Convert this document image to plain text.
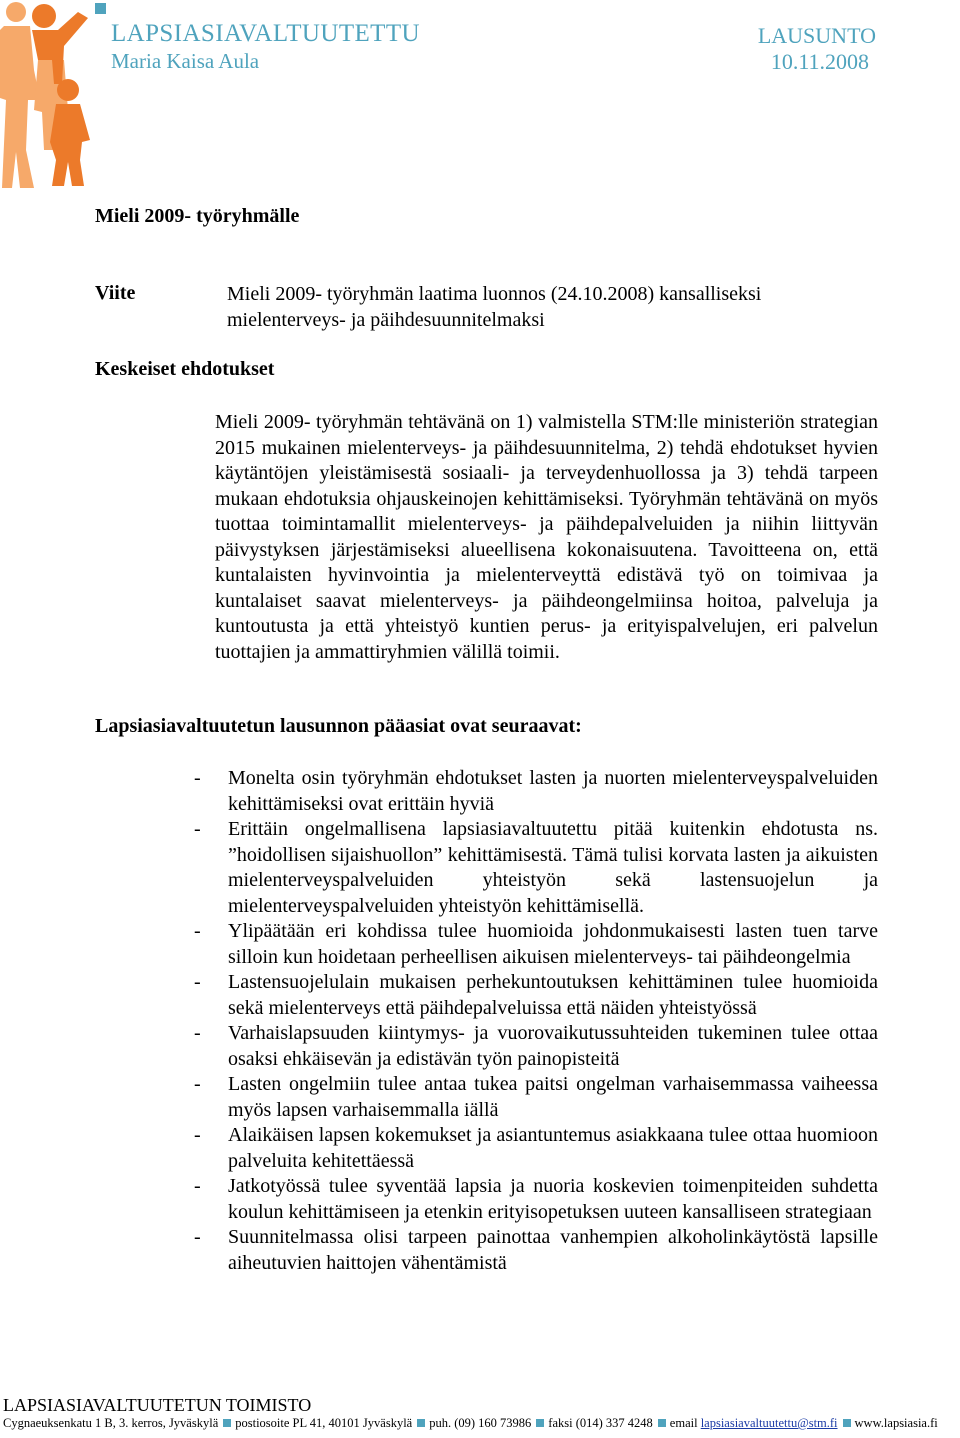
LAPSIASIAVALTUUTETTU
Maria Kaisa Aula
LAUSUNTO
10.11.2008
Mieli 2009- työryhmälle
Viite	Mieli 2009- työryhmän laatima luonnos (24.10.2008) kansalliseksi mielenterveys- ja päihdesuunnitelmaksi
Keskeiset ehdotukset
Mieli 2009- työryhmän tehtävänä on 1) valmistella STM:lle ministeriön strategian 2015 mukainen mielenterveys- ja päihdesuunnitelma, 2) tehdä ehdotukset hyvien käytäntöjen yleistämisestä sosiaali- ja terveydenhuollossa ja 3) tehdä tarpeen mukaan ehdotuksia ohjauskeinojen kehittämiseksi. Työryhmän tehtävänä on myös tuottaa toimintamallit mielenterveys- ja päihdepalveluiden ja niihin liittyvän päivystyksen järjestämiseksi alueellisena kokonaisuutena. Tavoitteena on, että kuntalaisten hyvinvointia ja mielenterveyttä edistävä työ on toimivaa ja kuntalaiset saavat mielenterveys- ja päihdeongelmiinsa hoitoa, palveluja ja kuntoutusta ja että yhteistyö kuntien perus- ja erityispalvelujen, eri palvelun tuottajien ja ammattiryhmien välillä toimii.
Lapsiasiavaltuutetun lausunnon pääasiat ovat seuraavat:
- Monelta osin työryhmän ehdotukset lasten ja nuorten mielenterveyspalveluiden kehittämiseksi ovat erittäin hyviä
- Erittäin ongelmallisena lapsiasiavaltuutettu pitää kuitenkin ehdotusta ns. ”hoidollisen sijaishuollon” kehittämisestä. Tämä tulisi korvata lasten ja aikuisten mielenterveyspalveluiden yhteistyön sekä lastensuojelun ja mielenterveyspalveluiden yhteistyön kehittämisellä.
- Ylipäätään eri kohdissa tulee huomioida johdonmukaisesti lasten tuen tarve silloin kun hoidetaan perheellisen aikuisen mielenterveys- tai päihdeongelmia
- Lastensuojelulain mukaisen perhekuntoutuksen kehittäminen tulee huomioida sekä mielenterveys että päihdepalveluissa että näiden yhteistyössä
- Varhaislapsuuden kiintymys- ja vuorovaikutussuhteiden tukeminen tulee ottaa osaksi ehkäisevän ja edistävän työn painopisteitä
- Lasten ongelmiin tulee antaa tukea paitsi ongelman varhaisemmassa vaiheessa myös lapsen varhaisemmalla iällä
- Alaikäisen lapsen kokemukset ja asiantuntemus asiakkaana tulee ottaa huomioon palveluita kehitettäessä
- Jatkotyössä tulee syventää lapsia ja nuoria koskevien toimenpiteiden suhdetta koulun kehittämiseen ja etenkin erityisopetuksen uuteen kansalliseen strategiaan
- Suunnitelmassa olisi tarpeen painottaa vanhempien alkoholinkäytöstä lapsille aiheutuvien haittojen vähentämistä
LAPSIASIAVALTUUTETUN TOIMISTO
Cygnaeuksenkatu 1 B, 3. kerros, Jyväskylä postiosoite PL 41, 40101 Jyväskylä puh. (09) 160 73986 faksi (014) 337 4248 email lapsiasiavaltuutettu@stm.fi www.lapsiasia.fi
